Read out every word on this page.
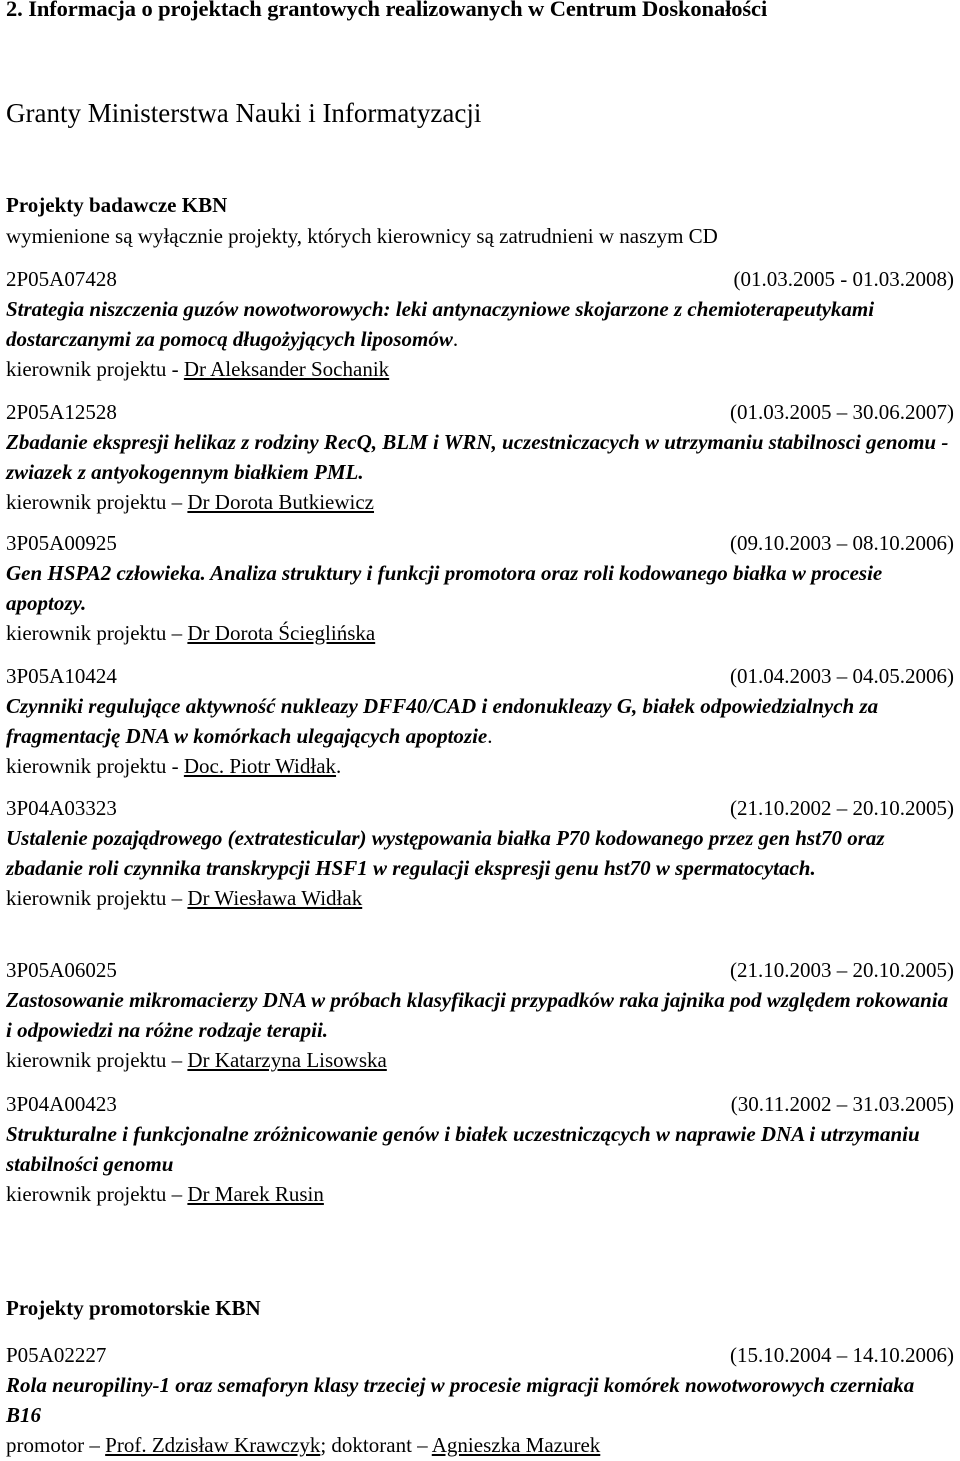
2. Informacja o projektach grantowych realizowanych w Centrum Doskonałości
Granty Ministerstwa Nauki i Informatyzacji
Projekty badawcze KBN
wymienione są wyłącznie projekty, których kierownicy są zatrudnieni w naszym CD
2P05A07428	(01.03.2005 - 01.03.2008)
Strategia niszczenia guzów nowotworowych: leki antynaczyniowe skojarzone z chemioterapeutykami dostarczanymi za pomocą długożyjących liposomów.
kierownik projektu - Dr Aleksander Sochanik
2P05A12528	(01.03.2005 – 30.06.2007)
Zbadanie ekspresji helikaz z rodziny RecQ, BLM i WRN, uczestniczacych w utrzymaniu stabilnosci genomu - zwiazek z antyokogennym białkiem PML.
kierownik projektu – Dr Dorota Butkiewicz
3P05A00925	(09.10.2003 – 08.10.2006)
Gen HSPA2 człowieka. Analiza struktury i funkcji promotora oraz roli kodowanego białka w procesie apoptozy.
kierownik projektu – Dr Dorota Ścieglińska
3P05A10424	(01.04.2003 – 04.05.2006)
Czynniki regulujące aktywność nukleazy DFF40/CAD i endonukleazy G, białek odpowiedzialnych za fragmentację DNA w komórkach ulegających apoptozie.
kierownik projektu - Doc. Piotr Widłak.
3P04A03323	(21.10.2002 – 20.10.2005)
Ustalenie pozajądrowego (extratesticular) występowania białka P70 kodowanego przez gen hst70 oraz zbadanie roli czynnika transkrypcji HSF1 w regulacji ekspresji genu hst70 w spermatocytach.
kierownik projektu – Dr Wiesława Widłak
3P05A06025	(21.10.2003 – 20.10.2005)
Zastosowanie mikromacierzy DNA w próbach klasyfikacji przypadków raka jajnika pod względem rokowania i odpowiedzi na różne rodzaje terapii.
kierownik projektu – Dr Katarzyna Lisowska
3P04A00423	(30.11.2002 – 31.03.2005)
Strukturalne i funkcjonalne zróżnicowanie genów i białek uczestniczących w naprawie DNA i utrzymaniu stabilności genomu
kierownik projektu – Dr Marek Rusin
Projekty promotorskie KBN
P05A02227	(15.10.2004 – 14.10.2006)
Rola neuropiliny-1 oraz semaforyn klasy trzeciej w procesie migracji komórek nowotworowych czerniaka B16
promotor – Prof. Zdzisław Krawczyk; doktorant – Agnieszka Mazurek
